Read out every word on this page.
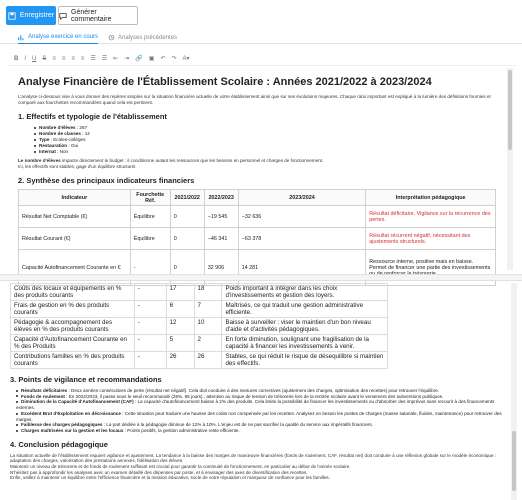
Enregistrer Générer commentaire
Analyse exercice en cours	Analyses précédentes
B I U S ≡ ≡ ≡ ≡ ☰ ☰ ⇤ ⇥ 🔗 ▣ ↶ ↷ A▾
Analyse Financière de l'Établissement Scolaire : Années 2021/2022 à 2023/2024

L'analyse ci-dessous vise à vous donner des repères simples sur la situation financière actuelle de votre établissement ainsi que sur ses évolutions majeures. Chaque ratio important est expliqué à la lumière des définitions fournies et comparé aux fourchettes recommandées quand cela est pertinent.

1. Effectifs et typologie de l'établissement
Nombre d'élèves : 267
Nombre de classes : 12
Type : Ecoles-collèges
Restauration : Oui
Internat : Non

Le nombre d'élèves impacte directement le budget : il conditionne autant les ressources que les besoins en personnel et charges de fonctionnement.

Ici, les effectifs sont stables, gage d'un équilibre structurel.

2. Synthèse des principaux indicateurs financiers
Indicateur	Fourchette Réf.	2021/2022	2022/2023	2023/2024	Interprétation pédagogique
Résultat Net Comptable (€)	Équilibre	0	−19 545	−32 636	Résultat déficitaire. Vigilance sur la récurrence des pertes.
Résultat Courant (€)	Équilibre	0	−46 341	−63 378	Résultat récurrent négatif, nécessitant des ajustements structurels.
Capacité Autofinancement Courante en €	-	0	32 906	14 281	Ressource interne, positive mais en baisse. Permet de financer une partie des investissements
Coûts des locaux et équipements en % des produits courants	-	17	18	Poids important à intégrer dans les choix d'investissements et gestion des loyers.
Frais de gestion en % des produits courants	-	6	7	Maîtrisés, ce qui traduit une gestion administrative efficiente.
Pédagogie & accompagnement des élèves en % des produits courants	-	12	10	Baisse à surveiller : viser le maintien d'un bon niveau d'aide et d'activités pédagogiques.
Capacité d'Autofinancement Courante en % des Produits	-	5	2	En forte diminution, soulignant une fragilisation de la capacité à financer les investissements à venir.
Contributions familles en % des produits courants	-	26	26	Stables, ce qui réduit le risque de désequilibre si maintien des effectifs.
3. Points de vigilance et recommandations
Résultats déficitaires : Deux années consécutives de perte (résultat net négatif). Cela doit conduire à des mesures correctives (ajustement des charges, optimisation des recettes) pour retrouver l'équilibre.
Fonds de roulement : En 2022/2023, il passe sous le seuil recommandé (26%, 95 jours) ; attention au risque de tension de trésorerie lors de la rentrée scolaire avant le versement des subventions publiques.
Diminution de la Capacité d'Autofinancement (CAF) : La capacité d'autofinancement baisse à 2% des produits. Cela limite la possibilité de financer les investissements ou d'absorber des imprévus sans recourir à des financements externes.
Excédent Brut d'Exploitation en décroissance : Cette situation peut traduire une hausse des coûts non compensée par les recettes. Analysez en besoin les postes de charges (masse salariale, fluides, maintenance) pour retrouver des marges.
Faiblesse des charges pédagogiques : La part dédiée à la pédagogie diminue de 12% à 10%. L'enjeu est de ne pas sacrifier la qualité du service aux impératifs financiers.
Charges maîtrisées sur la gestion et les locaux : Points positifs, la gestion administrative reste efficiente.
4. Conclusion pédagogique

La situation actuelle de l'établissement requiert vigilance et ajustement. La tendance à la baisse des marges de manœuvre financières (fonds de roulement, CAF, résultat net) doit conduire à une réflexion globale sur le modèle économique : adaptation des charges, valorisation des prestations annexes, fidélisation des élèves.

Maintenir un niveau de trésorerie et de fonds de roulement suffisant est crucial pour garantir la continuité de fonctionnement, en particulier au début de l'année scolaire.

N'hésitez pas à approfondir les analyses avec un examen détaillé des dépenses par poste, et à envisager des axes de diversification des recettes.

Enfin, veillez à maintenir un équilibre entre l'efficience financière et la mission éducative, socle de votre réputation et marqueur de confiance pour les familles.
